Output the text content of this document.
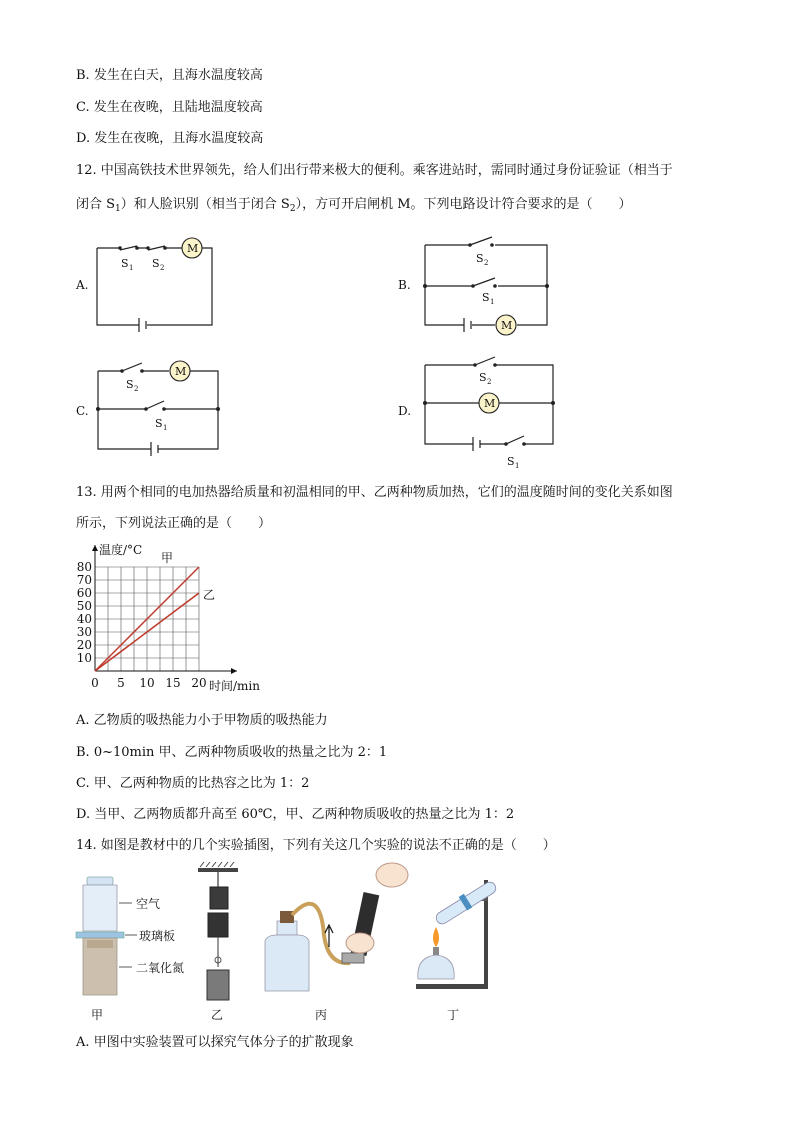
B. 发生在白天，且海水温度较高
C. 发生在夜晚，且陆地温度较高
D. 发生在夜晚，且海水温度较高
12. 中国高铁技术世界领先，给人们出行带来极大的便利。乘客进站时，需同时通过身份证验证（相当于
闭合 $S_1$）和人脸识别（相当于闭合 $S_2$），方可开启闸机 M。下列电路设计符合要求的是（　　）
A.
M
S 1 S 2
B.
M
S 2
S 1
C.
M
S 2
S 1
D.
M
S 2
S 1
13. 用两个相同的电加热器给质量和初温相同的甲、乙两种物质加热，它们的温度随时间的变化关系如图
所示，下列说法正确的是（　　）
10
20
30
40
50
60
70
80
0 5 10 15 20
温度/°C
时间/min
甲
乙
A. 乙物质的吸热能力小于甲物质的吸热能力
B. 0~10min 甲、乙两种物质吸收的热量之比为 2：1
C. 甲、乙两种物质的比热容之比为 1：2
D. 当甲、乙两物质都升高至 60℃，甲、乙两种物质吸收的热量之比为 1：2
14. 如图是教材中的几个实验插图，下列有关这几个实验的说法不正确的是（　　）
空气
玻璃板
二氧化氮
甲	乙	丙	丁
A. 甲图中实验装置可以探究气体分子的扩散现象
